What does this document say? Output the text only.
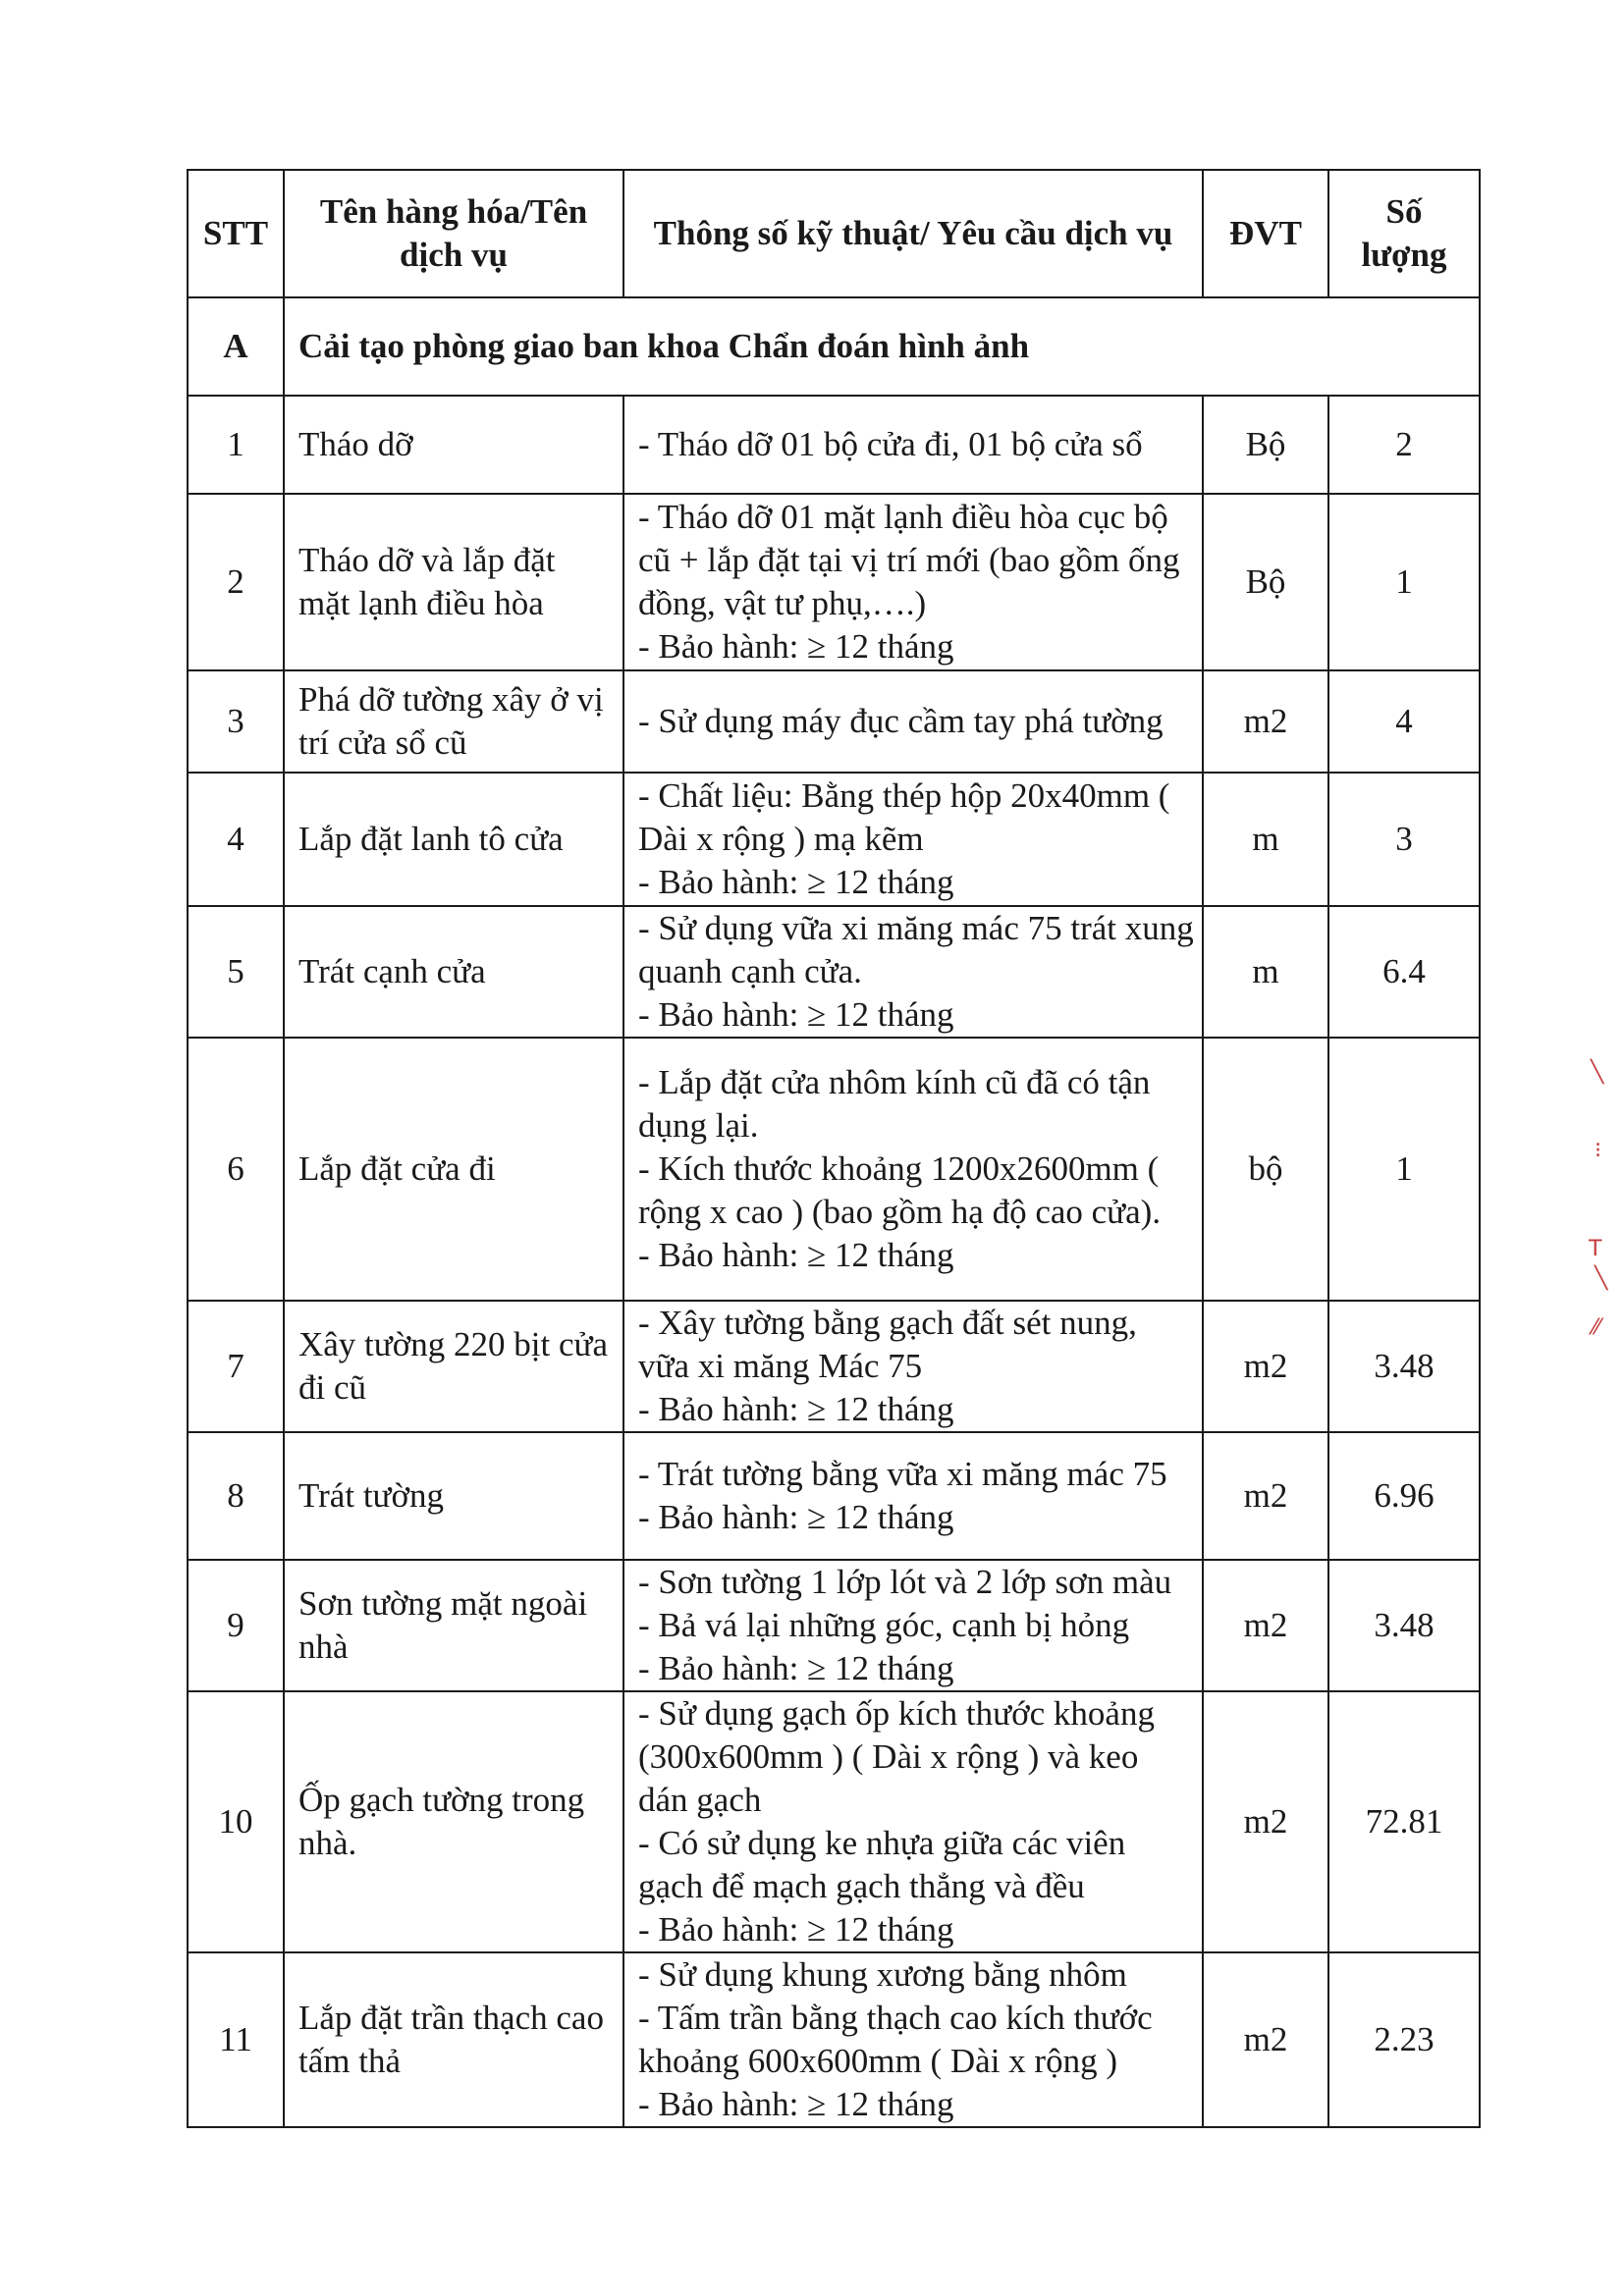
STT	Tên hàng hóa/Tên dịch vụ	Thông số kỹ thuật/ Yêu cầu dịch vụ	ĐVT	Số lượng
A	Cải tạo phòng giao ban khoa Chẩn đoán hình ảnh			
1	Tháo dỡ	- Tháo dỡ 01 bộ cửa đi, 01 bộ cửa sổ	Bộ	2
2	Tháo dỡ và lắp đặt mặt lạnh điều hòa	- Tháo dỡ 01 mặt lạnh điều hòa cục bộ cũ + lắp đặt tại vị trí mới (bao gồm ống đồng, vật tư phụ,….)
- Bảo hành: ≥ 12 tháng	Bộ	1
3	Phá dỡ tường xây ở vị trí cửa sổ cũ	- Sử dụng máy đục cầm tay phá tường	m2	4
4	Lắp đặt lanh tô cửa	- Chất liệu: Bằng thép hộp 20x40mm ( Dài x rộng ) mạ kẽm
- Bảo hành: ≥ 12 tháng	m	3
5	Trát cạnh cửa	- Sử dụng vữa xi măng mác 75 trát xung quanh cạnh cửa.
- Bảo hành: ≥ 12 tháng	m	6.4
6	Lắp đặt cửa đi	- Lắp đặt cửa nhôm kính cũ đã có tận dụng lại.
- Kích thước khoảng 1200x2600mm ( rộng x cao ) (bao gồm hạ độ cao cửa).
- Bảo hành: ≥ 12 tháng	bộ	1
7	Xây tường 220 bịt cửa đi cũ	- Xây tường bằng gạch đất sét nung, vữa xi măng Mác 75
- Bảo hành: ≥ 12 tháng	m2	3.48
8	Trát tường	- Trát tường bằng vữa xi măng mác 75
- Bảo hành: ≥ 12 tháng	m2	6.96
9	Sơn tường mặt ngoài nhà	- Sơn tường 1 lớp lót và 2 lớp sơn màu
- Bả vá lại những góc, cạnh bị hỏng
- Bảo hành: ≥ 12 tháng	m2	3.48
10	Ốp gạch tường trong nhà.	- Sử dụng gạch ốp kích thước khoảng (300x600mm ) ( Dài x rộng ) và keo dán gạch
- Có sử dụng ke nhựa giữa các viên gạch để mạch gạch thẳng và đều
- Bảo hành: ≥ 12 tháng	m2	72.81
11	Lắp đặt trần thạch cao tấm thả	- Sử dụng khung xương bằng nhôm
- Tấm trần bằng thạch cao kích thước khoảng 600x600mm ( Dài x rộng )
- Bảo hành: ≥ 12 tháng	m2	2.23
╲
⁝
T
╲
⁄⁄
